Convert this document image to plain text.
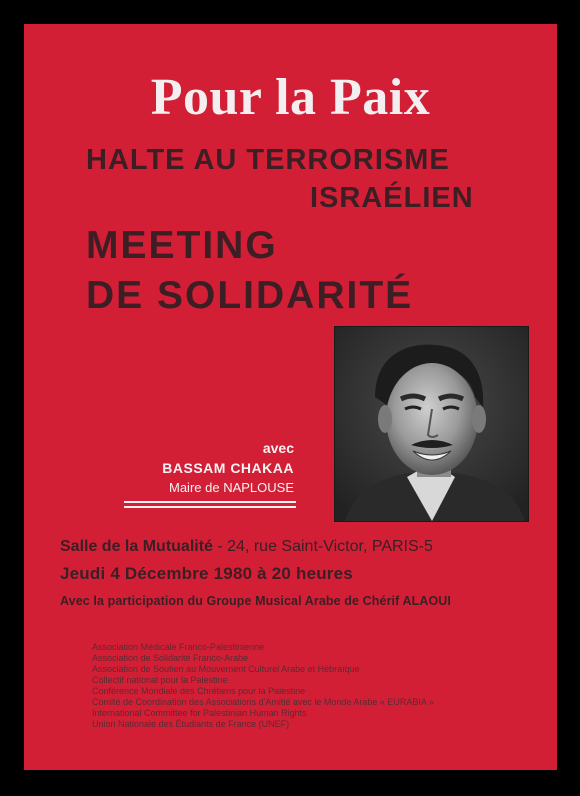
Pour la Paix
HALTE AU TERRORISME
ISRAÉLIEN
MEETING
DE SOLIDARITÉ
avec
BASSAM CHAKAA
Maire de NAPLOUSE
Salle de la Mutualité - 24, rue Saint-Victor, PARIS-5
Jeudi 4 Décembre 1980 à 20 heures
Avec la participation du Groupe Musical Arabe de Chérif ALAOUI
Association Médicale Franco-Palestinienne
Association de Solidarité Franco-Arabe
Association de Soutien au Mouvement Culturel Arabe et Hébraïque
Collectif national pour la Palestine
Conférence Mondiale des Chrétiens pour la Palestine
Comité de Coordination des Associations d'Amitié avec le Monde Arabe « EURABIA »
International Committee for Palestinian Human Rights
Union Nationale des Étudiants de France (UNEF)
